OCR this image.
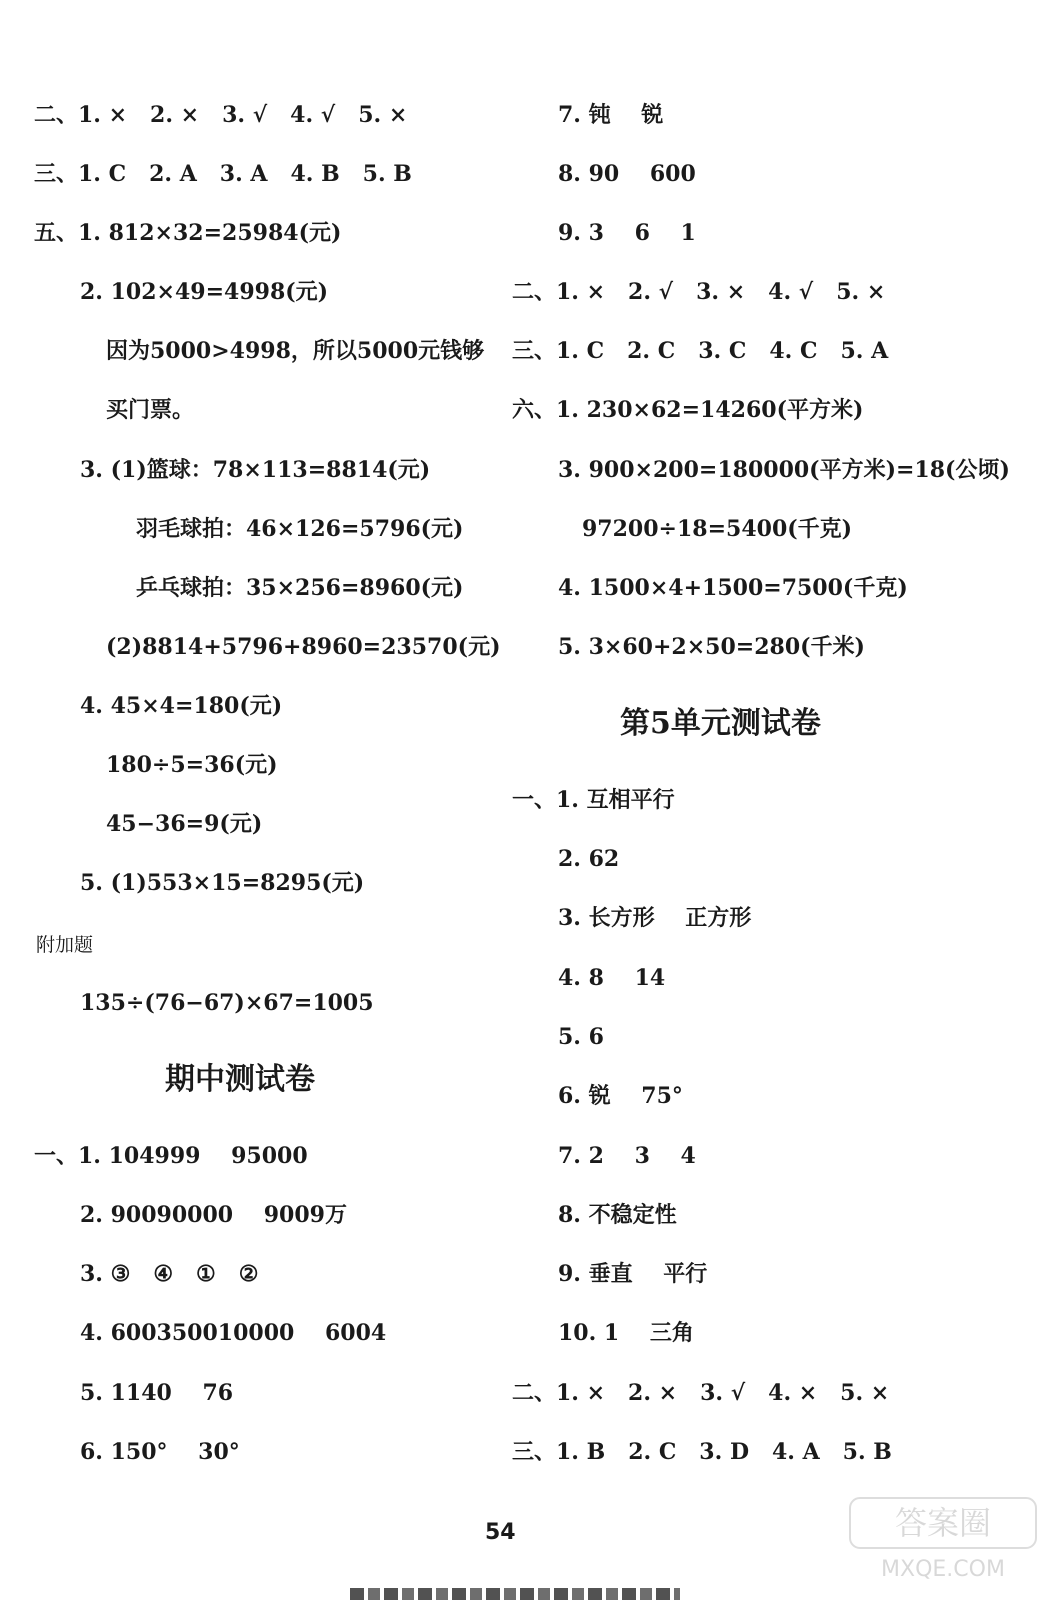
二、1. ×   2. ×   3. √   4. √   5. ×
三、1. C   2. A   3. A   4. B   5. B
五、1. 812×32=25984(元)
2. 102×49=4998(元)
因为5000>4998，所以5000元钱够
买门票。
3. (1)篮球：78×113=8814(元)
羽毛球拍：46×126=5796(元)
乒乓球拍：35×256=8960(元)
(2)8814+5796+8960=23570(元)
4. 45×4=180(元)
180÷5=36(元)
45−36=9(元)
5. (1)553×15=8295(元)
附加题
135÷(76−67)×67=1005
期中测试卷
一、1. 104999    95000
2. 90090000    9009万
3. ③   ④   ①   ②
4. 600350010000    6004
5. 1140    76
6. 150°    30°
7. 钝    锐
8. 90    600
9. 3    6    1
二、1. ×   2. √   3. ×   4. √   5. ×
三、1. C   2. C   3. C   4. C   5. A
六、1. 230×62=14260(平方米)
3. 900×200=180000(平方米)=18(公顷)
97200÷18=5400(千克)
4. 1500×4+1500=7500(千克)
5. 3×60+2×50=280(千米)
第5单元测试卷
一、1. 互相平行
2. 62
3. 长方形    正方形
4. 8    14
5. 6
6. 锐    75°
7. 2    3    4
8. 不稳定性
9. 垂直    平行
10. 1    三角
二、1. ×   2. ×   3. √   4. ×   5. ×
三、1. B   2. C   3. D   4. A   5. B
54	答案圈
MXQE.COM
